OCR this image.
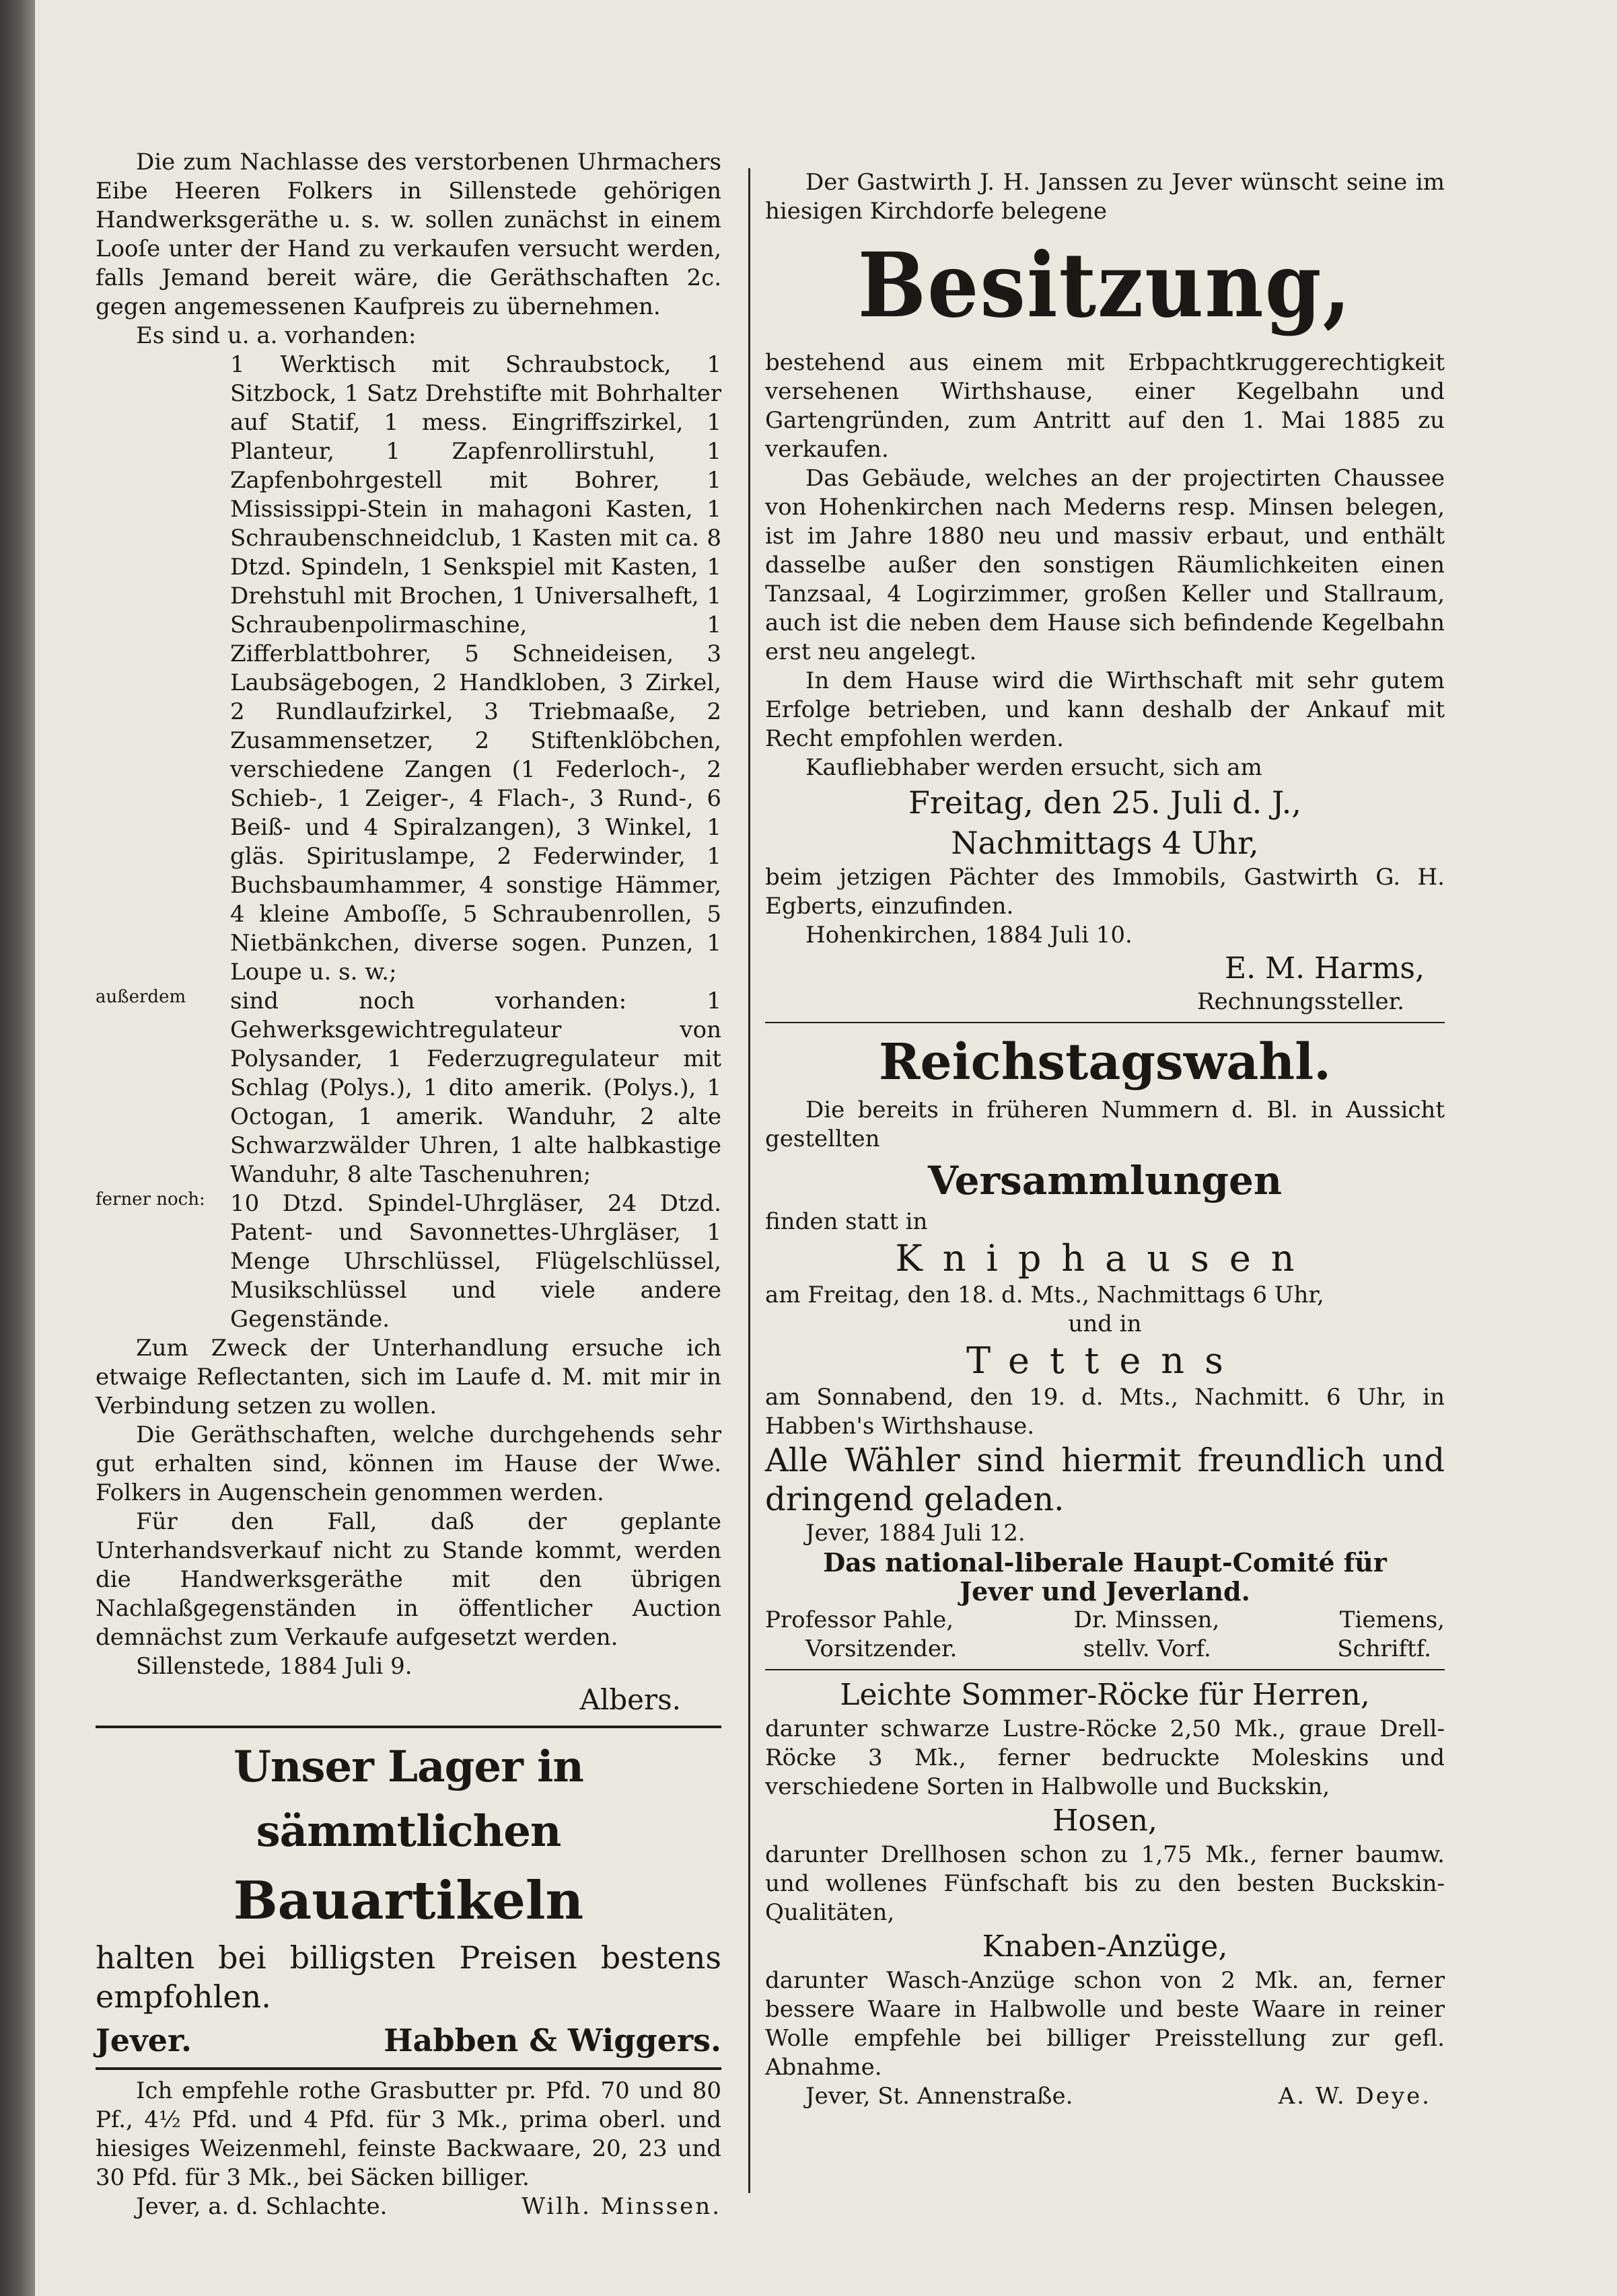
Die zum Nachlasse des verstorbenen Uhrmachers Eibe Heeren Folkers in Sillenstede gehörigen Handwerksgeräthe u. s. w. sollen zunächst in einem Looſe unter der Hand zu verkaufen versucht werden, falls Jemand bereit wäre, die Geräthschaften 2c. gegen angemessenen Kaufpreis zu übernehmen.

Es sind u. a. vorhanden:

1 Werktisch mit Schraubstock, 1 Sitzbock, 1 Satz Drehstifte mit Bohrhalter auf Statif, 1 mess. Eingriffszirkel, 1 Planteur, 1 Zapfenrollirstuhl, 1 Zapfenbohrgestell mit Bohrer, 1 Mississippi-Stein in mahagoni Kasten, 1 Schraubenschneidclub, 1 Kasten mit ca. 8 Dtzd. Spindeln, 1 Senkspiel mit Kasten, 1 Drehstuhl mit Brochen, 1 Universalheft, 1 Schraubenpolirmaschine, 1 Zifferblattbohrer, 5 Schneideisen, 3 Laubsägebogen, 2 Handkloben, 3 Zirkel, 2 Rundlaufzirkel, 3 Triebmaaße, 2 Zusammensetzer, 2 Stiftenklöbchen, verschiedene Zangen (1 Federloch-, 2 Schieb-, 1 Zeiger-, 4 Flach-, 3 Rund-, 6 Beiß- und 4 Spiralzangen), 3 Winkel, 1 gläs. Spirituslampe, 2 Federwinder, 1 Buchsbaumhammer, 4 sonstige Hämmer, 4 kleine Amboſſe, 5 Schraubenrollen, 5 Nietbänkchen, diverse sogen. Punzen, 1 Loupe u. s. w.;

außerdem sind noch vorhanden: 1 Gehwerksgewichtregulateur von Polysander, 1 Federzugregulateur mit Schlag (Polys.), 1 dito amerik. (Polys.), 1 Octogan, 1 amerik. Wanduhr, 2 alte Schwarzwälder Uhren, 1 alte halbkastige Wanduhr, 8 alte Taschenuhren;

ferner noch: 10 Dtzd. Spindel-Uhrgläser, 24 Dtzd. Patent- und Savonnettes-Uhrgläser, 1 Menge Uhrschlüssel, Flügelschlüssel, Musikschlüssel und viele andere Gegenstände.

Zum Zweck der Unterhandlung ersuche ich etwaige Reflectanten, sich im Laufe d. M. mit mir in Verbindung setzen zu wollen.

Die Geräthschaften, welche durchgehends sehr gut erhalten sind, können im Hause der Wwe. Folkers in Augenschein genommen werden.

Für den Fall, daß der geplante Unterhandsverkauf nicht zu Stande kommt, werden die Handwerksgeräthe mit den übrigen Nachlaßgegenständen in öffentlicher Auction demnächst zum Verkaufe aufgesetzt werden.

Sillenstede, 1884 Juli 9.

Albers.

Unser Lager in sämmtlichen

Bauartikeln

halten bei billigsten Preisen bestens empfohlen.

Jever.	Habben & Wiggers.

Ich empfehle rothe Grasbutter pr. Pfd. 70 und 80 Pf., 4½ Pfd. und 4 Pfd. für 3 Mk., prima oberl. und hiesiges Weizenmehl, feinste Backwaare, 20, 23 und 30 Pfd. für 3 Mk., bei Säcken billiger.

Jever, a. d. Schlachte.	Wilh. Minssen.

Der Gastwirth J. H. Janssen zu Jever wünscht seine im hiesigen Kirchdorfe belegene

Besitzung,

bestehend aus einem mit Erbpachtkruggerechtigkeit versehenen Wirthshause, einer Kegelbahn und Gartengründen, zum Antritt auf den 1. Mai 1885 zu verkaufen.

Das Gebäude, welches an der projectirten Chaussee von Hohenkirchen nach Mederns resp. Minsen belegen, ist im Jahre 1880 neu und massiv erbaut, und enthält dasselbe außer den sonstigen Räumlichkeiten einen Tanzsaal, 4 Logirzimmer, großen Keller und Stallraum, auch ist die neben dem Hause sich befindende Kegelbahn erst neu angelegt.

In dem Hause wird die Wirthschaft mit sehr gutem Erfolge betrieben, und kann deshalb der Ankauf mit Recht empfohlen werden.

Kaufliebhaber werden ersucht, sich am

Freitag, den 25. Juli d. J.,

Nachmittags 4 Uhr,

beim jetzigen Pächter des Immobils, Gastwirth G. H. Egberts, einzufinden.

Hohenkirchen, 1884 Juli 10.

E. M. Harms,

Rechnungssteller.

Reichstagswahl.

Die bereits in früheren Nummern d. Bl. in Aussicht gestellten

Versammlungen

finden statt in

Kniphausen

am Freitag, den 18. d. Mts., Nachmittags 6 Uhr,

und in

Tettens

am Sonnabend, den 19. d. Mts., Nachmitt. 6 Uhr, in Habben's Wirthshause.

Alle Wähler sind hiermit freundlich und dringend geladen.

Jever, 1884 Juli 12.

Das national-liberale Haupt-Comité für

Jever und Jeverland.

Professor Pahle,	Dr. Minssen,	Tiemens,
Vorsitzender.	stellv. Vorf.	Schriftf.

Leichte Sommer-Röcke für Herren,

darunter schwarze Lustre-Röcke 2,50 Mk., graue Drell-Röcke 3 Mk., ferner bedruckte Moleskins und verschiedene Sorten in Halbwolle und Buckskin,

Hosen,

darunter Drellhosen schon zu 1,75 Mk., ferner baumw. und wollenes Fünfschaft bis zu den besten Buckskin-Qualitäten,

Knaben-Anzüge,

darunter Wasch-Anzüge schon von 2 Mk. an, ferner bessere Waare in Halbwolle und beste Waare in reiner Wolle empfehle bei billiger Preisstellung zur gefl. Abnahme.

Jever, St. Annenstraße.	A. W. Deye.
